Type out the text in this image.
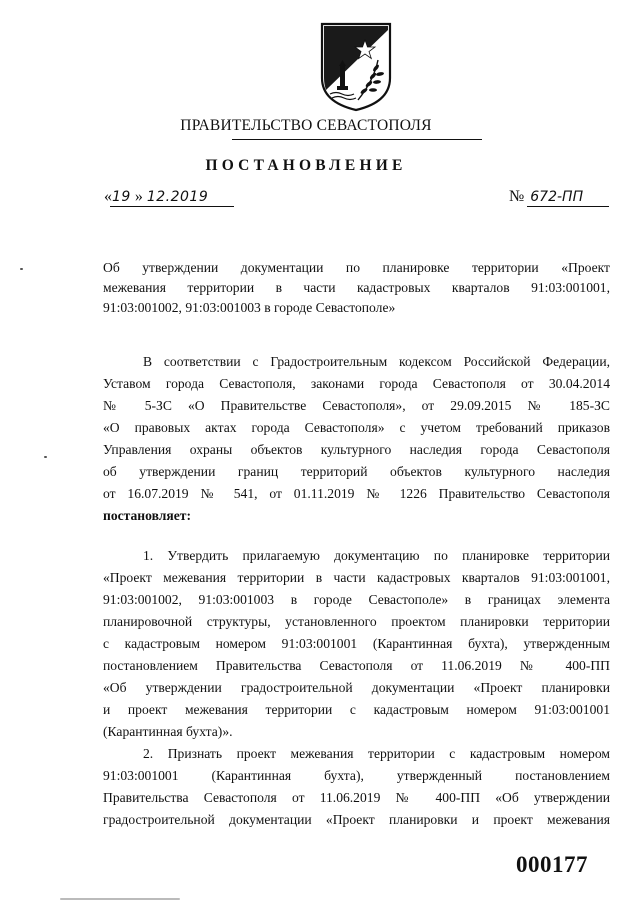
ПРАВИТЕЛЬСТВО СЕВАСТОПОЛЯ
ПОСТАНОВЛЕНИЕ
«19 » 12.2019	№ 672-ПП
Об утверждении документации по планировке территории «Проект
межевания территории в части кадастровых кварталов 91:03:001001,
91:03:001002, 91:03:001003 в городе Севастополе»
В соответствии с Градостроительным кодексом Российской Федерации,
Уставом города Севастополя, законами города Севастополя от 30.04.2014
№ 5-ЗС «О Правительстве Севастополя», от 29.09.2015 № 185-ЗС
«О правовых актах города Севастополя» с учетом требований приказов
Управления охраны объектов культурного наследия города Севастополя
об утверждении границ территорий объектов культурного наследия
от 16.07.2019 № 541, от 01.11.2019 № 1226 Правительство Севастополя
постановляет:
1. Утвердить прилагаемую документацию по планировке территории
«Проект межевания территории в части кадастровых кварталов 91:03:001001,
91:03:001002, 91:03:001003 в городе Севастополе» в границах элемента
планировочной структуры, установленного проектом планировки территории
с кадастровым номером 91:03:001001 (Карантинная бухта), утвержденным
постановлением Правительства Севастополя от 11.06.2019 № 400-ПП
«Об утверждении градостроительной документации «Проект планировки
и проект межевания территории с кадастровым номером 91:03:001001
(Карантинная бухта)».
2. Признать проект межевания территории с кадастровым номером
91:03:001001 (Карантинная бухта), утвержденный постановлением
Правительства Севастополя от 11.06.2019 № 400-ПП «Об утверждении
градостроительной документации «Проект планировки и проект межевания
000177
